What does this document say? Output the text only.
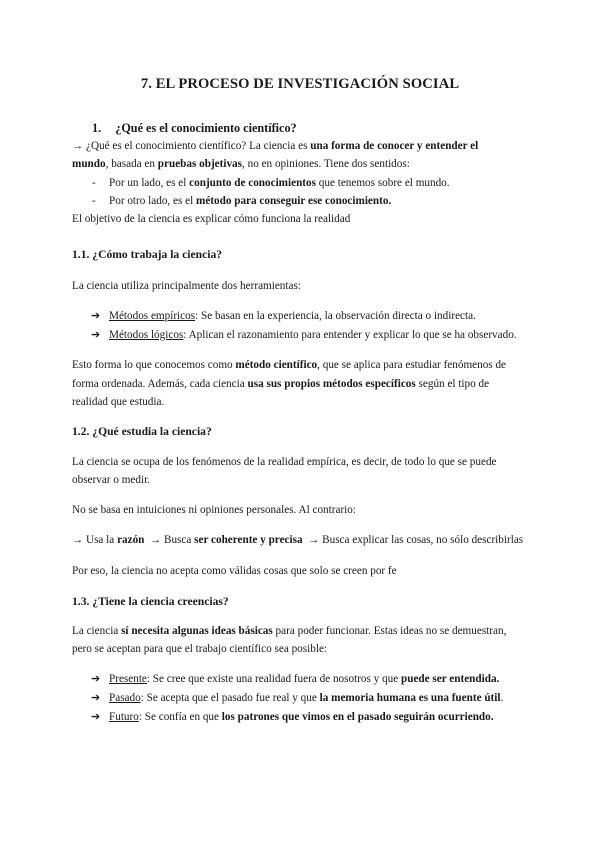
7. EL PROCESO DE INVESTIGACIÓN SOCIAL
1. ¿Qué es el conocimiento científico?
→ ¿Qué es el conocimiento científico? La ciencia es una forma de conocer y entender el
mundo, basada en pruebas objetivas, no en opiniones. Tiene dos sentidos:
- Por un lado, es el conjunto de conocimientos que tenemos sobre el mundo.
- Por otro lado, es el método para conseguir ese conocimiento.
El objetivo de la ciencia es explicar cómo funciona la realidad
1.1. ¿Cómo trabaja la ciencia?
La ciencia utiliza principalmente dos herramientas:
➔ Métodos empíricos: Se basan en la experiencia, la observación directa o indirecta.
➔ Métodos lógicos: Aplican el razonamiento para entender y explicar lo que se ha observado.
Esto forma lo que conocemos como método científico, que se aplica para estudiar fenómenos de
forma ordenada. Además, cada ciencia usa sus propios métodos específicos según el tipo de
realidad que estudia.
1.2. ¿Qué estudia la ciencia?
La ciencia se ocupa de los fenómenos de la realidad empírica, es decir, de todo lo que se puede
observar o medir.
No se basa en intuiciones ni opiniones personales. Al contrario:
→ Usa la razón  → Busca ser coherente y precisa  → Busca explicar las cosas, no sólo describirlas
Por eso, la ciencia no acepta como válidas cosas que solo se creen por fe
1.3. ¿Tiene la ciencia creencias?
La ciencia sí necesita algunas ideas básicas para poder funcionar. Estas ideas no se demuestran,
pero se aceptan para que el trabajo científico sea posible:
➔ Presente: Se cree que existe una realidad fuera de nosotros y que puede ser entendida.
➔ Pasado: Se acepta que el pasado fue real y que la memoria humana es una fuente útil.
➔ Futuro: Se confía en que los patrones que vimos en el pasado seguirán ocurriendo.
